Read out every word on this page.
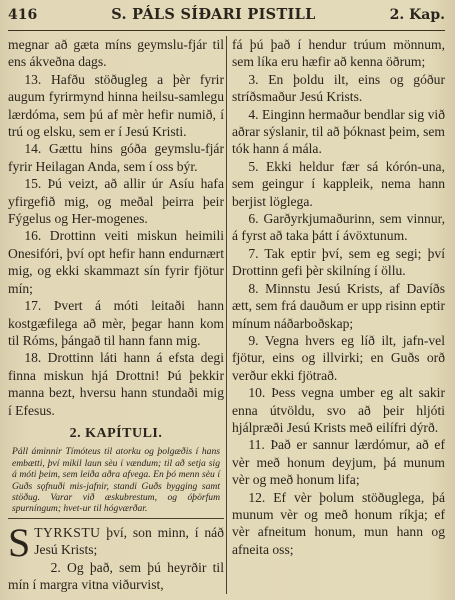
416	S. PÁLS SÍÐARI PISTILL	2. Kap.

megnar að gæta míns geymslu-fjár til ens ákveðna dags.

13. Hafðu stöðugleg a þèr fyrir augum fyrirmynd hinna heilsu-samlegu lærdóma, sem þú af mèr hefir numið, í trú og elsku, sem er í Jesú Kristi.

14. Gættu hins góða geymslu-fjár fyrir Heilagan Anda, sem í oss býr.

15. Þú veizt, að allir úr Asíu hafa yfirgefið mig, og meðal þeirra þeir Fýgelus og Her-mogenes.

16. Drottinn veiti miskun heimili Onesifóri, því opt hefir hann endurnært mig, og ekki skammazt sín fyrir fjötur mín;

17. Þvert á móti leitaði hann kostgæfilega að mèr, þegar hann kom til Róms, þángað til hann fann mig.

18. Drottinn láti hann á efsta degi finna miskun hjá Drottni! Þú þekkir manna bezt, hversu hann stundaði mig í Efesus.

2. KAPÍTULI.
Páll áminnir Tímóteus til atorku og þolgæðis í hans embætti, því mikil laun sèu í vændum; til að setja sig á móti þeim, sem leiða aðra afvega. En þó menn sèu í Guðs sǫfnuði mis-jafnir, standi Guðs bygging samt stöðug. Varar við æskubrestum, og óþörfum spurníngum; hvet-ur til hógværðar.

STYRKSTU því, son minn, í náð Jesú Krists;

2. Og það, sem þú heyrðir til mín í margra vitna viðurvist,

fá þú það í hendur trúum mönnum, sem líka eru hæfir að kenna öðrum;

3. En þoldu ilt, eins og góður stríðsmaður Jesú Krists.

4. Einginn hermaður bendlar sig við aðrar sýslanir, til að þóknast þeim, sem tók hann á mála.

5. Ekki heldur fær sá kórón-una, sem geingur í kappleik, nema hann berjist löglega.

6. Garðyrkjumaðurinn, sem vinnur, á fyrst að taka þátt í ávöxtunum.

7. Tak eptir því, sem eg segi; því Drottinn gefi þèr skilníng í öllu.

8. Minnstu Jesú Krists, af Davíðs ætt, sem frá dauðum er upp risinn eptir mínum náðarboðskap;

9. Vegna hvers eg líð ilt, jafn-vel fjötur, eins og illvirki; en Guðs orð verður ekki fjötrað.

10. Þess vegna umber eg alt sakir enna útvöldu, svo að þeir hljóti hjálpræði Jesú Krists með eilífri dýrð.

11. Það er sannur lærdómur, að ef vèr með honum deyjum, þá munum vèr og með honum lifa;

12. Ef vèr þolum stöðuglega, þá munum vèr og með honum ríkja; ef vèr afneitum honum, mun hann og afneita oss;
